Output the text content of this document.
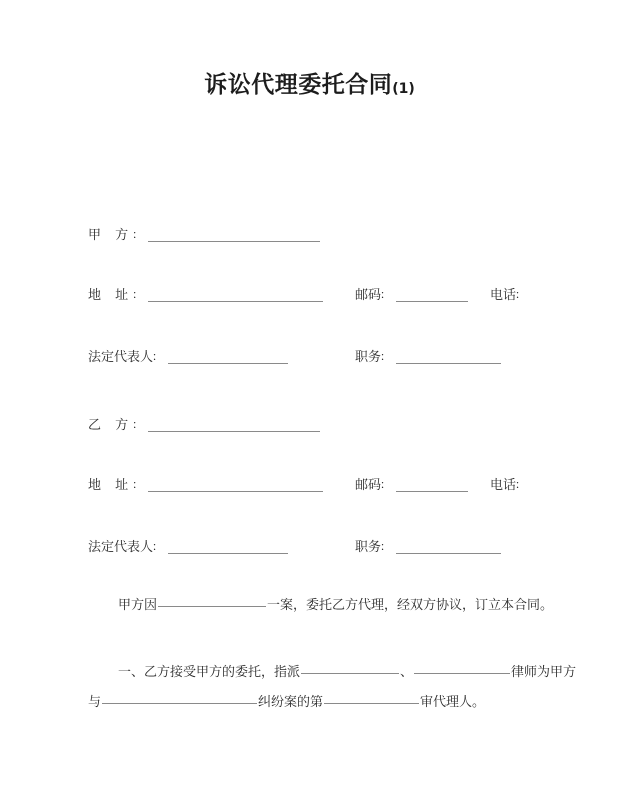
诉讼代理委托合同(1)
甲 方：
地 址：	邮码：	电话：
法定代表人：	职务：
乙 方：
地 址：	邮码：	电话：
法定代表人：	职务：
甲方因	一案，委托乙方代理，经双方协议，订立本合同。
一、乙方接受甲方的委托，指派	、	律师为甲方
与	纠纷案的第	审代理人。
